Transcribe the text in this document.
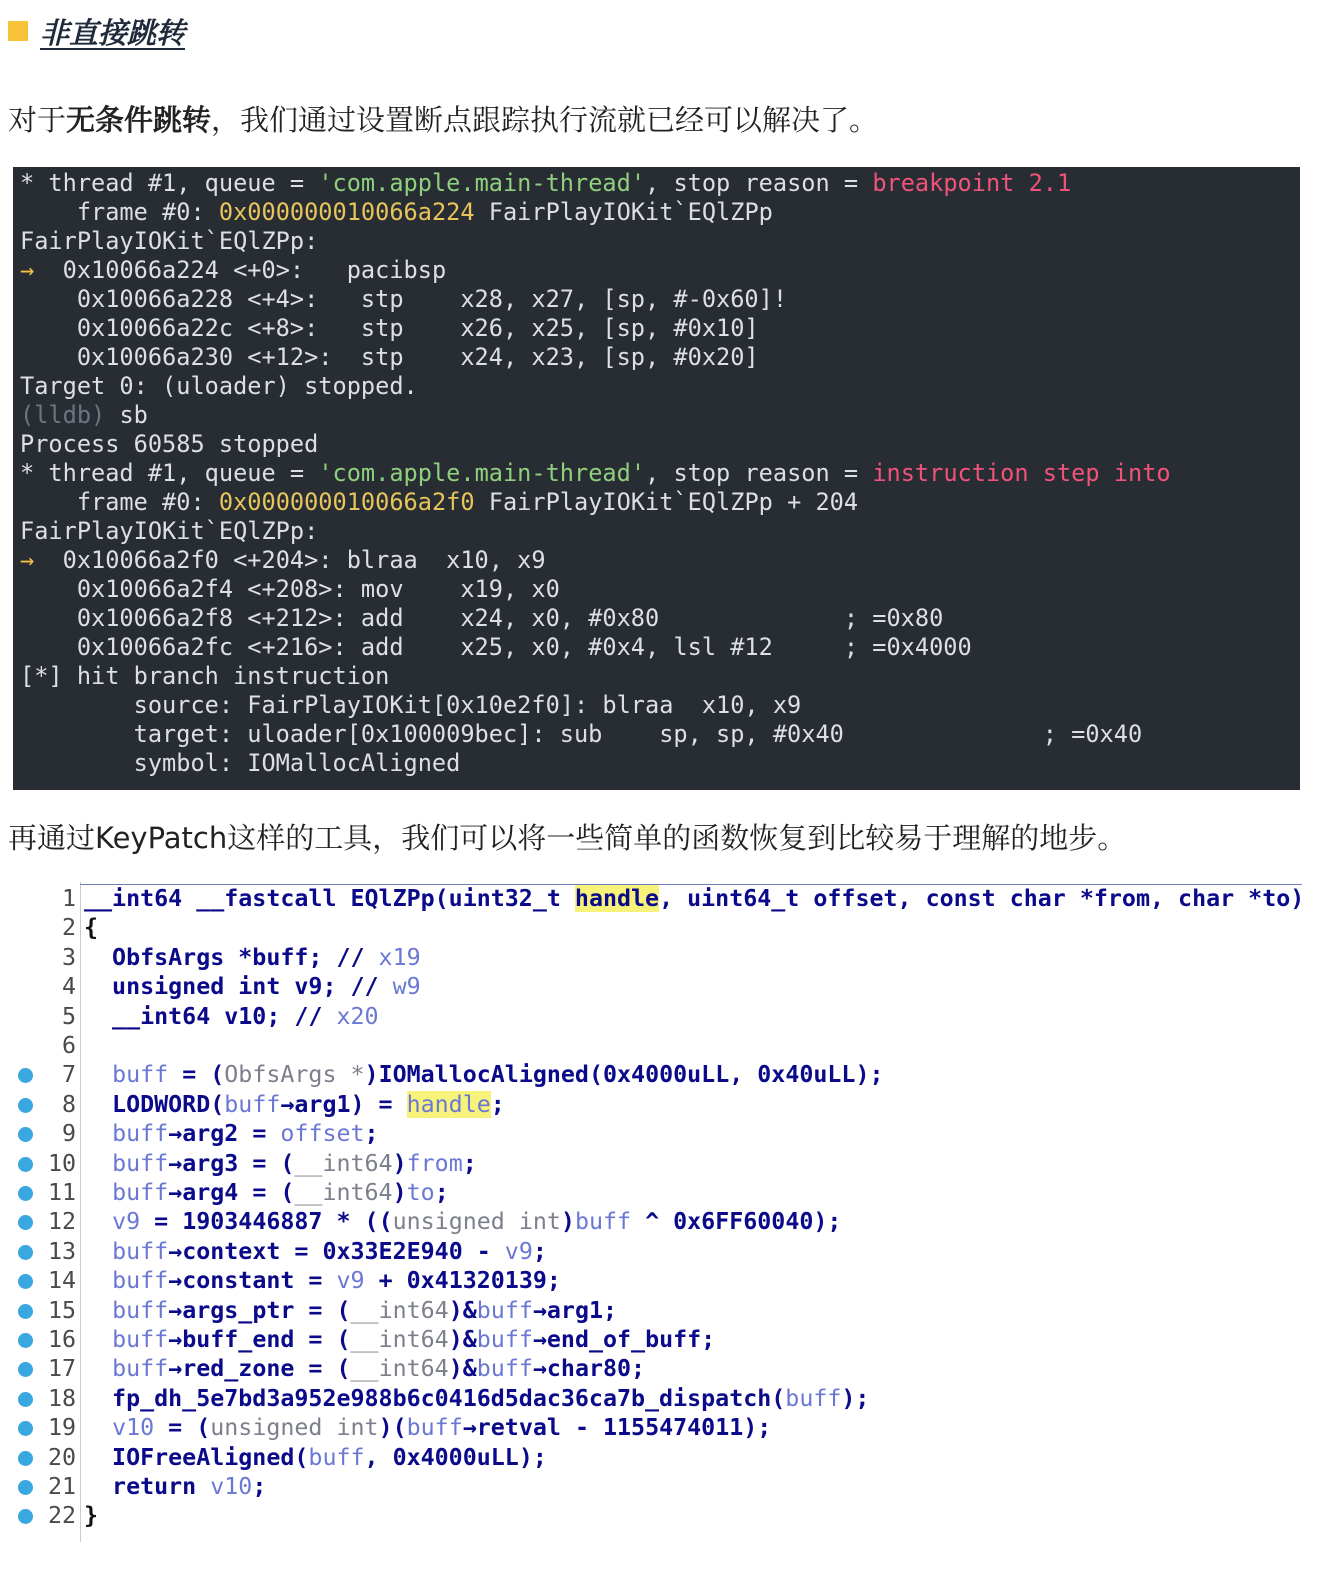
非直接跳转
对于无条件跳转，我们通过设置断点跟踪执行流就已经可以解决了。
* thread #1, queue = 'com.apple.main-thread', stop reason = breakpoint 2.1
frame #0: 0x000000010066a224 FairPlayIOKit`EQlZPp
FairPlayIOKit`EQlZPp:
→  0x10066a224 <+0>:   pacibsp
0x10066a228 <+4>:   stp    x28, x27, [sp, #-0x60]!
0x10066a22c <+8>:   stp    x26, x25, [sp, #0x10]
0x10066a230 <+12>:  stp    x24, x23, [sp, #0x20]
Target 0: (uloader) stopped.
(lldb) sb
Process 60585 stopped
* thread #1, queue = 'com.apple.main-thread', stop reason = instruction step into
frame #0: 0x000000010066a2f0 FairPlayIOKit`EQlZPp + 204
FairPlayIOKit`EQlZPp:
→  0x10066a2f0 <+204>: blraa  x10, x9
0x10066a2f4 <+208>: mov    x19, x0
0x10066a2f8 <+212>: add    x24, x0, #0x80             ; =0x80
0x10066a2fc <+216>: add    x25, x0, #0x4, lsl #12     ; =0x4000
[*] hit branch instruction
source: FairPlayIOKit[0x10e2f0]: blraa  x10, x9
target: uloader[0x100009bec]: sub    sp, sp, #0x40              ; =0x40
symbol: IOMallocAligned
再通过KeyPatch这样的工具，我们可以将一些简单的函数恢复到比较易于理解的地步。
1 __int64 __fastcall EQlZPp(uint32_t handle, uint64_t offset, const char *from, char *to)
2 {
3 ObfsArgs *buff; // x19
4 unsigned int v9; // w9
5 __int64 v10; // x20
6
7	buff = (ObfsArgs *)IOMallocAligned(0x4000uLL, 0x40uLL);
8 LODWORD(buff→arg1) = handle;
9	buff→arg2 = offset;
10	buff→arg3 = (__int64)from;
11	buff→arg4 = (__int64)to;
12	v9 = 1903446887 * ((unsigned int)buff ^ 0x6FF60040);
13	buff→context = 0x33E2E940 - v9;
14	buff→constant = v9 + 0x41320139;
15	buff→args_ptr = (__int64)&buff→arg1;
16	buff→buff_end = (__int64)&buff→end_of_buff;
17	buff→red_zone = (__int64)&buff→char80;
18 fp_dh_5e7bd3a952e988b6c0416d5dac36ca7b_dispatch(buff);
19	v10 = (unsigned int)(buff→retval - 1155474011);
20 IOFreeAligned(buff, 0x4000uLL);
21 return v10;
22 }
